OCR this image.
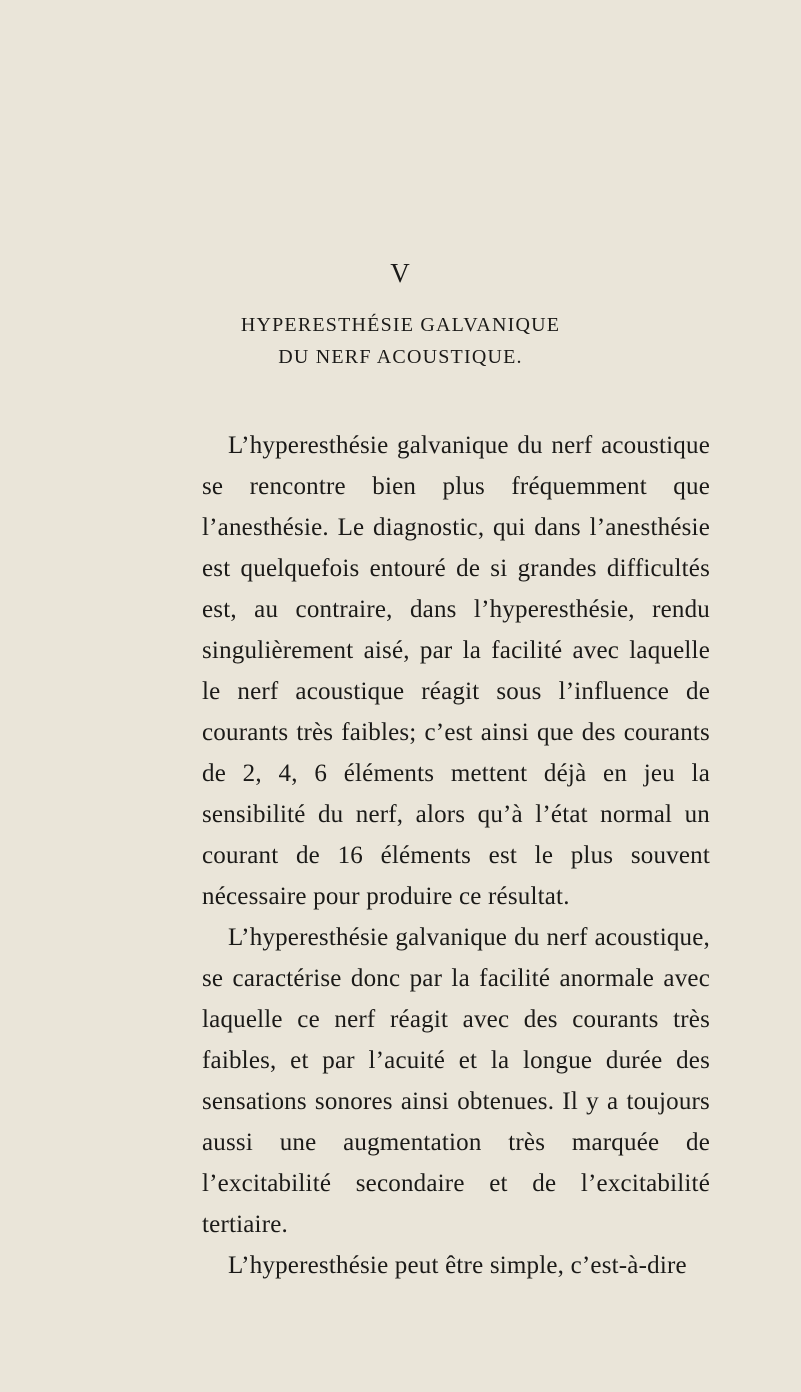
V
HYPERESTHÉSIE GALVANIQUE
DU NERF ACOUSTIQUE.

L’hyperesthésie galvanique du nerf acoustique se rencontre bien plus fréquemment que l’anesthésie. Le diagnostic, qui dans l’anesthésie est quelquefois entouré de si grandes difficultés est, au contraire, dans l’hyperesthésie, rendu singulièrement aisé, par la facilité avec laquelle le nerf acoustique réagit sous l’influence de courants très faibles; c’est ainsi que des courants de 2, 4, 6 éléments mettent déjà en jeu la sensibilité du nerf, alors qu’à l’état normal un courant de 16 éléments est le plus souvent nécessaire pour produire ce résultat.

L’hyperesthésie galvanique du nerf acoustique, se caractérise donc par la facilité anormale avec laquelle ce nerf réagit avec des courants très faibles, et par l’acuité et la longue durée des sensations sonores ainsi obtenues. Il y a toujours aussi une augmentation très marquée de l’excitabilité secondaire et de l’excitabilité tertiaire.

L’hyperesthésie peut être simple, c’est-à-dire
